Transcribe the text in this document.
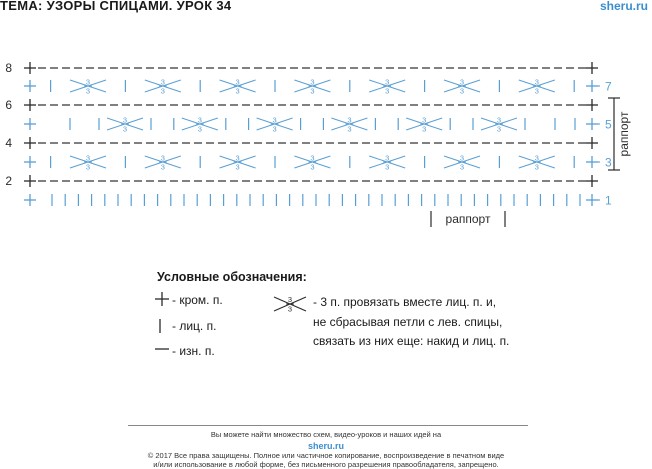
ТЕМА: УЗОРЫ СПИЦАМИ. УРОК 34	sheru.ru
3
3
3
3
3
3
3
3
3
3
3
3
3
3
3
3
3
3
3
3
3
3
3
3
3
3
3
3
3
3
3
3
3
3
3
3
3
3
3
3
2
4
6
8
1
3
5
7
раппорт
раппорт
Условные обозначения:
- кром. п.
- лиц. п.
- изн. п.
3
3 - 3 п. провязать вместе лиц. п. и,
не сбрасывая петли с лев. спицы,
связать из них еще: накид и лиц. п.
Вы можете найти множество схем, видео-уроков и наших идей на
sheru.ru
© 2017 Все права защищены. Полное или частичное копирование, воспроизведение в печатном виде
и/или использование в любой форме, без письменного разрешения правообладателя, запрещено.
